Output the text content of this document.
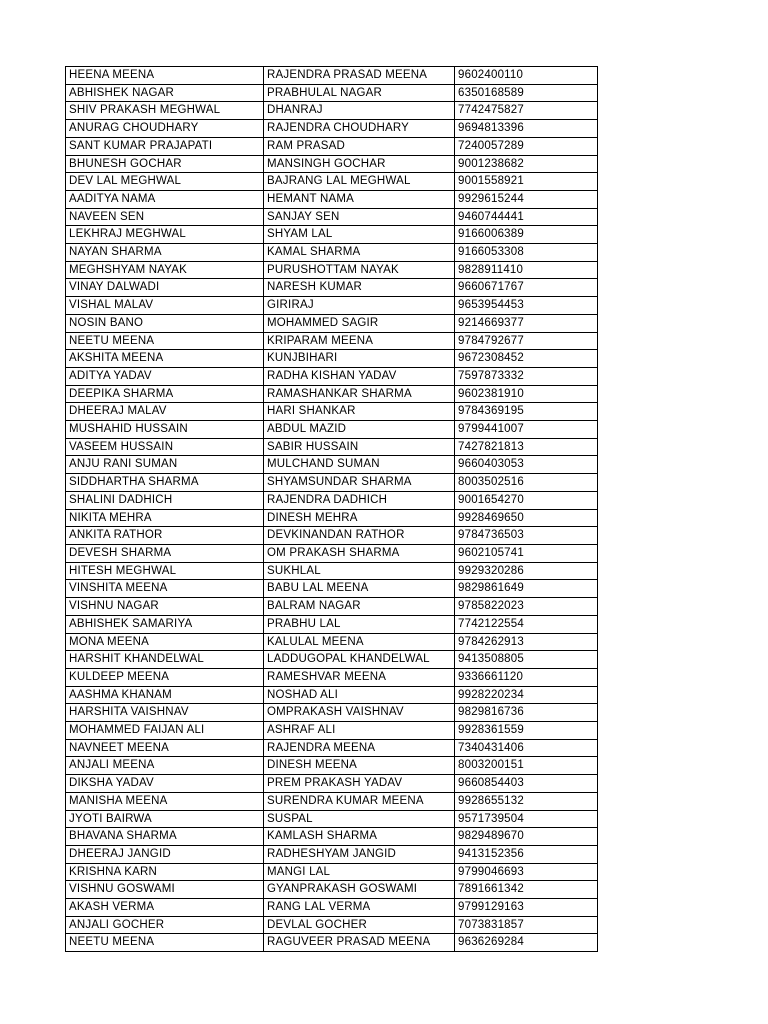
HEENA MEENA	RAJENDRA PRASAD MEENA	9602400110
ABHISHEK NAGAR	PRABHULAL NAGAR	6350168589
SHIV PRAKASH MEGHWAL	DHANRAJ	7742475827
ANURAG CHOUDHARY	RAJENDRA CHOUDHARY	9694813396
SANT KUMAR PRAJAPATI	RAM PRASAD	7240057289
BHUNESH GOCHAR	MANSINGH GOCHAR	9001238682
DEV LAL MEGHWAL	BAJRANG LAL MEGHWAL	9001558921
AADITYA NAMA	HEMANT NAMA	9929615244
NAVEEN SEN	SANJAY SEN	9460744441
LEKHRAJ MEGHWAL	SHYAM LAL	9166006389
NAYAN SHARMA	KAMAL SHARMA	9166053308
MEGHSHYAM NAYAK	PURUSHOTTAM NAYAK	9828911410
VINAY DALWADI	NARESH KUMAR	9660671767
VISHAL MALAV	GIRIRAJ	9653954453
NOSIN BANO	MOHAMMED SAGIR	9214669377
NEETU MEENA	KRIPARAM MEENA	9784792677
AKSHITA MEENA	KUNJBIHARI	9672308452
ADITYA YADAV	RADHA KISHAN YADAV	7597873332
DEEPIKA SHARMA	RAMASHANKAR SHARMA	9602381910
DHEERAJ MALAV	HARI SHANKAR	9784369195
MUSHAHID HUSSAIN	ABDUL MAZID	9799441007
VASEEM HUSSAIN	SABIR HUSSAIN	7427821813
ANJU RANI SUMAN	MULCHAND SUMAN	9660403053
SIDDHARTHA SHARMA	SHYAMSUNDAR SHARMA	8003502516
SHALINI DADHICH	RAJENDRA DADHICH	9001654270
NIKITA MEHRA	DINESH MEHRA	9928469650
ANKITA RATHOR	DEVKINANDAN RATHOR	9784736503
DEVESH SHARMA	OM PRAKASH SHARMA	9602105741
HITESH MEGHWAL	SUKHLAL	9929320286
VINSHITA MEENA	BABU LAL MEENA	9829861649
VISHNU NAGAR	BALRAM NAGAR	9785822023
ABHISHEK SAMARIYA	PRABHU LAL	7742122554
MONA MEENA	KALULAL MEENA	9784262913
HARSHIT KHANDELWAL	LADDUGOPAL KHANDELWAL	9413508805
KULDEEP MEENA	RAMESHVAR MEENA	9336661120
AASHMA KHANAM	NOSHAD ALI	9928220234
HARSHITA VAISHNAV	OMPRAKASH VAISHNAV	9829816736
MOHAMMED FAIJAN ALI	ASHRAF ALI	9928361559
NAVNEET MEENA	RAJENDRA MEENA	7340431406
ANJALI MEENA	DINESH MEENA	8003200151
DIKSHA YADAV	PREM PRAKASH YADAV	9660854403
MANISHA MEENA	SURENDRA KUMAR MEENA	9928655132
JYOTI BAIRWA	SUSPAL	9571739504
BHAVANA SHARMA	KAMLASH SHARMA	9829489670
DHEERAJ JANGID	RADHESHYAM JANGID	9413152356
KRISHNA KARN	MANGI LAL	9799046693
VISHNU GOSWAMI	GYANPRAKASH GOSWAMI	7891661342
AKASH VERMA	RANG LAL VERMA	9799129163
ANJALI GOCHER	DEVLAL GOCHER	7073831857
NEETU MEENA	RAGUVEER PRASAD MEENA	9636269284
